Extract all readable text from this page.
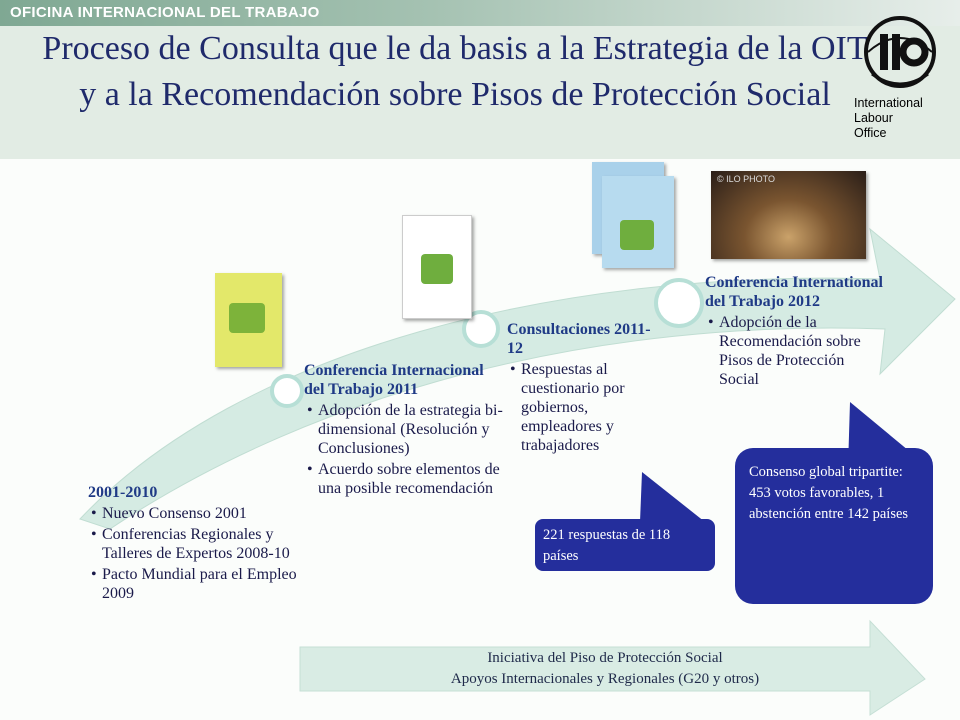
OFICINA INTERNACIONAL DEL TRABAJO
Proceso de Consulta que le da basis a la Estrategia de la OIT y a la Recomendación sobre Pisos de Protección Social	International
Labour
Office
© ILO PHOTO
2001-2010
• Nuevo Consenso 2001
• Conferencias Regionales y Talleres de Expertos 2008-10
• Pacto Mundial para el Empleo 2009
Conferencia Internacional del Trabajo 2011
• Adopción de la estrategia bi-dimensional (Resolución y Conclusiones)
• Acuerdo sobre elementos de una posible recomendación
Consultaciones 2011-12
• Respuestas al cuestionario por gobiernos, empleadores y trabajadores
Conferencia International del Trabajo 2012
• Adopción de la Recomendación sobre Pisos de Protección Social
221 respuestas de 118 países
Consenso global tripartite:
453 votos favorables, 1 abstención entre 142 países
Iniciativa del Piso de Protección Social
Apoyos Internacionales y Regionales (G20 y otros)
